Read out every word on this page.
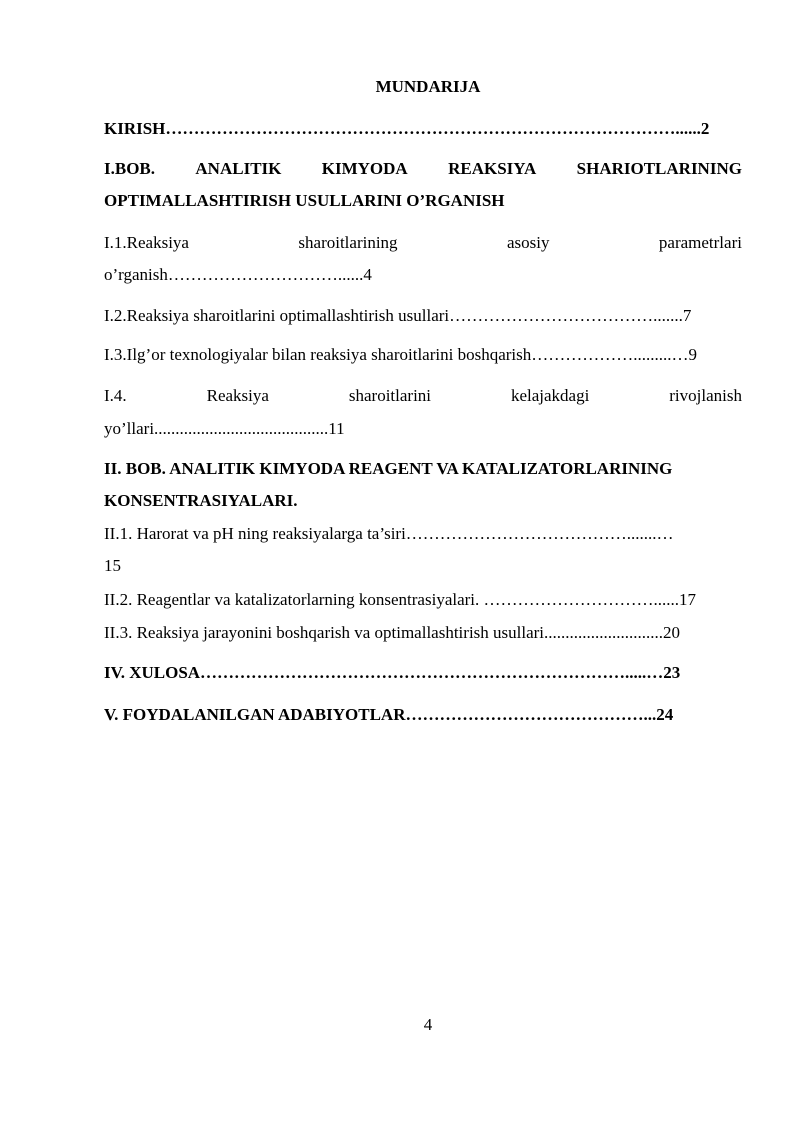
MUNDARIJA
KIRISH………………………………………………………………………………......2
I.BOB. ANALITIK KIMYODA REAKSIYA SHARIOTLARINING
OPTIMALLASHTIRISH USULLARINI O’RGANISH
I.1.Reaksiya	sharoitlarining	asosiy	parametrlari
o’rganish…………………………......4
I.2.Reaksiya sharoitlarini optimallashtirish usullari……………………………….......7
I.3.Ilg’or texnologiyalar bilan reaksiya sharoitlarini boshqarish……………….........…9
I.4.	Reaksiya	sharoitlarini	kelajakdagi	rivojlanish
yo’llari.........................................11
II. BOB. ANALITIK KIMYODA REAGENT VA KATALIZATORLARINING
KONSENTRASIYALARI.
II.1. Harorat va pH ning reaksiyalarga ta’siri………………………………….......…
15
II.2. Reagentlar va katalizatorlarning konsentrasiyalari. …………………………......17
II.3. Reaksiya jarayonini boshqarish va optimallashtirish usullari............................20
IV. XULOSA………………………………………………………………….....…23
V. FOYDALANILGAN ADABIYOTLAR……………………………………...24
4
